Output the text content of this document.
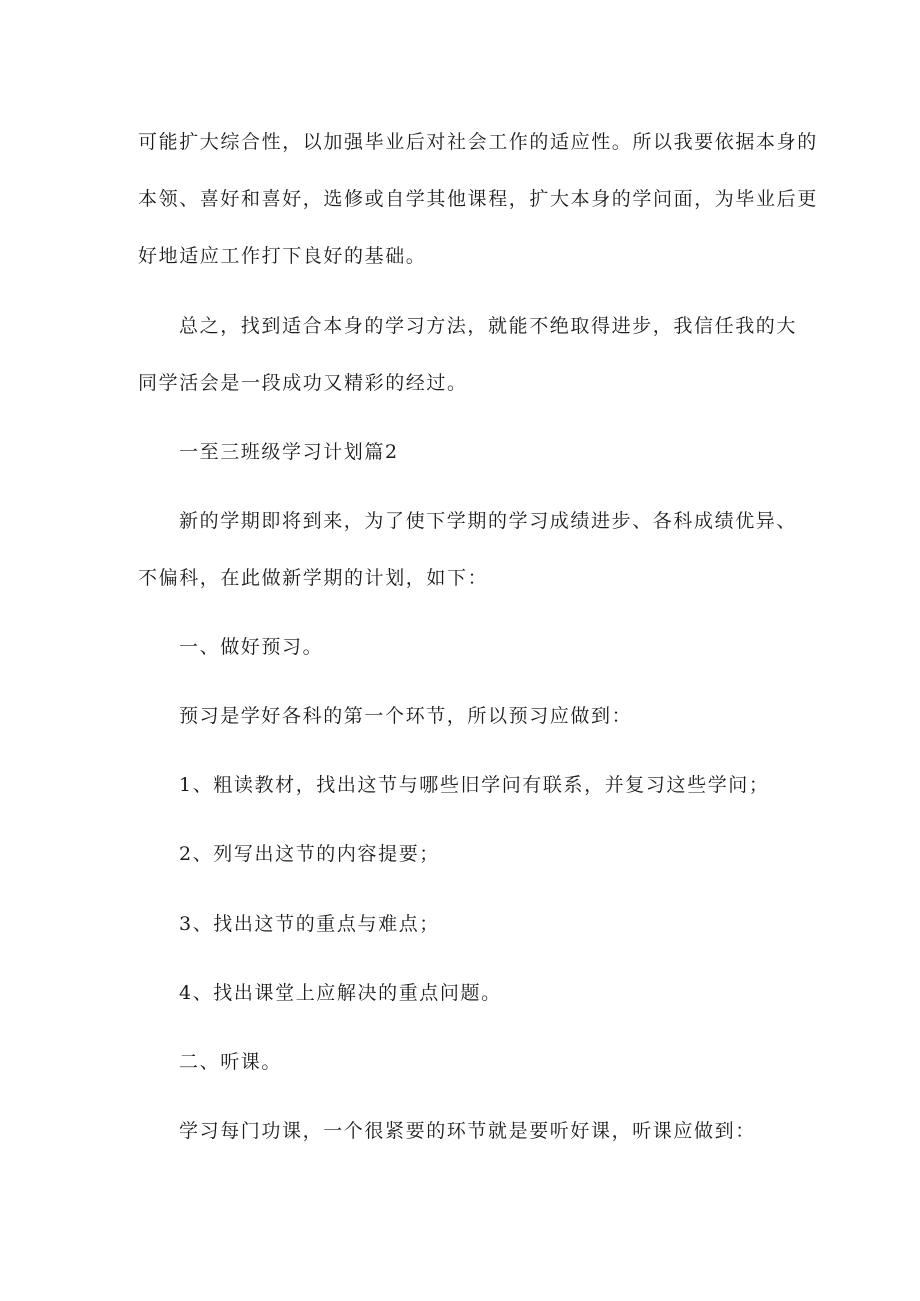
可能扩大综合性，以加强毕业后对社会工作的适应性。所以我要依据本身的
本领、喜好和喜好，选修或自学其他课程，扩大本身的学问面，为毕业后更
好地适应工作打下良好的基础。
总之，找到适合本身的学习方法，就能不绝取得进步，我信任我的大
同学活会是一段成功又精彩的经过。
一至三班级学习计划篇2
新的学期即将到来，为了使下学期的学习成绩进步、各科成绩优异、
不偏科，在此做新学期的计划，如下：
一、做好预习。
预习是学好各科的第一个环节，所以预习应做到：
1、粗读教材，找出这节与哪些旧学问有联系，并复习这些学问；
2、列写出这节的内容提要；
3、找出这节的重点与难点；
4、找出课堂上应解决的重点问题。
二、听课。
学习每门功课，一个很紧要的环节就是要听好课，听课应做到：
